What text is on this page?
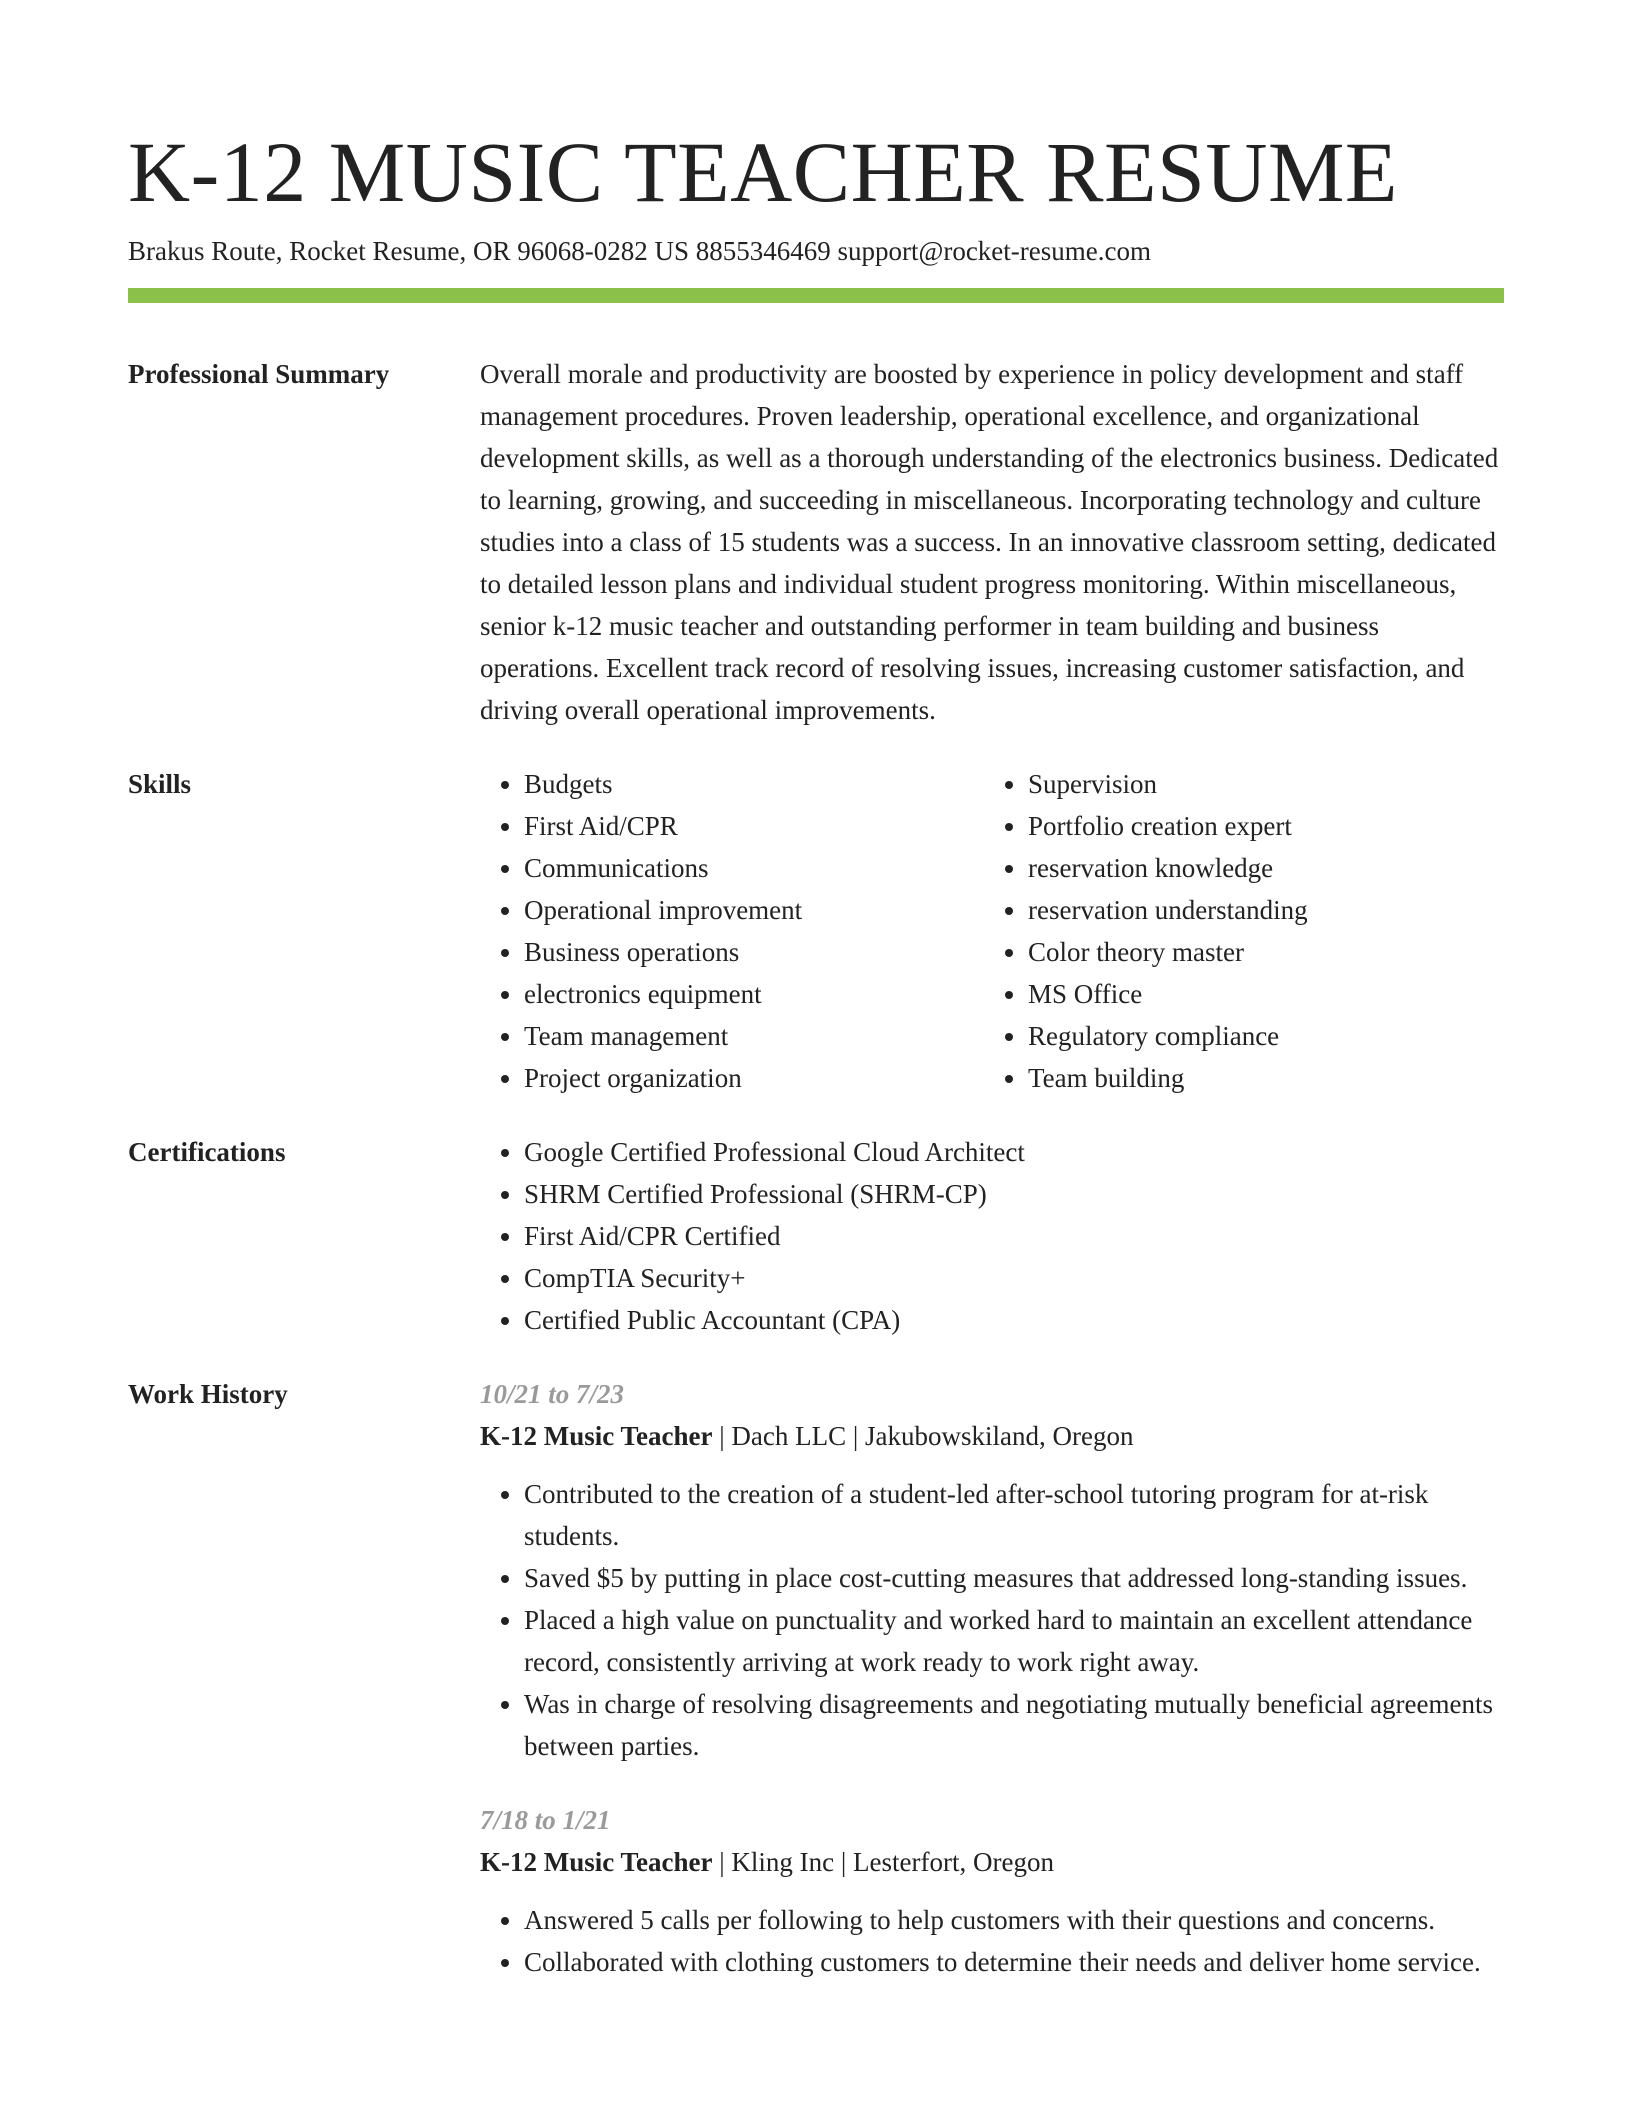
K-12 MUSIC TEACHER RESUME
Brakus Route, Rocket Resume, OR 96068-0282 US 8855346469 support@rocket-resume.com
Professional Summary	Overall morale and productivity are boosted by experience in policy development and staff management procedures. Proven leadership, operational excellence, and organizational development skills, as well as a thorough understanding of the electronics business. Dedicated to learning, growing, and succeeding in miscellaneous. Incorporating technology and culture studies into a class of 15 students was a success. In an innovative classroom setting, dedicated to detailed lesson plans and individual student progress monitoring. Within miscellaneous, senior k-12 music teacher and outstanding performer in team building and business operations. Excellent track record of resolving issues, increasing customer satisfaction, and driving overall operational improvements.
Skills	• Budgets
• First Aid/CPR
• Communications
• Operational improvement
• Business operations
• electronics equipment
• Team management
• Project organization
• Supervision
• Portfolio creation expert
• reservation knowledge
• reservation understanding
• Color theory master
• MS Office
• Regulatory compliance
• Team building
Certifications	• Google Certified Professional Cloud Architect
• SHRM Certified Professional (SHRM-CP)
• First Aid/CPR Certified
• CompTIA Security+
• Certified Public Accountant (CPA)
Work History	10/21 to 7/23
K-12 Music Teacher | Dach LLC | Jakubowskiland, Oregon
• Contributed to the creation of a student-led after-school tutoring program for at-risk students.
• Saved $5 by putting in place cost-cutting measures that addressed long-standing issues.
• Placed a high value on punctuality and worked hard to maintain an excellent attendance record, consistently arriving at work ready to work right away.
• Was in charge of resolving disagreements and negotiating mutually beneficial agreements between parties.
7/18 to 1/21
K-12 Music Teacher | Kling Inc | Lesterfort, Oregon
• Answered 5 calls per following to help customers with their questions and concerns.
• Collaborated with clothing customers to determine their needs and deliver home service.
